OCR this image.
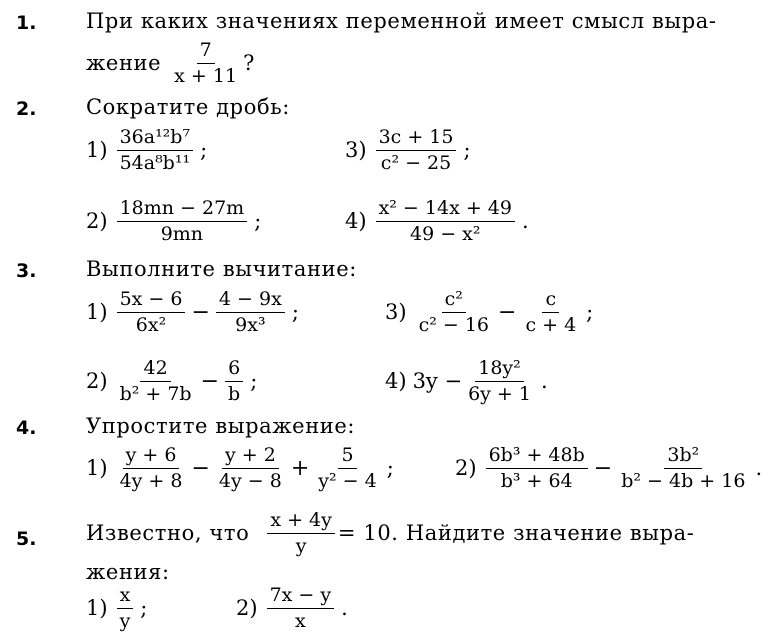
1. При каких значениях переменной имеет смысл выра-
жение $\frac{7}{x + 11}$ ?
2. Сократите дробь:
$1) \frac{\text{36a¹²b⁷}}{\text{54a⁸b¹¹}}$ ;	$3) \frac{3c + 15}{\text{c² − 25}}$ ;
$2) \frac{18mn - 27m}{9mn}$ ;	$4) \frac{\text{x² − 14x + 49}}{\text{49 − x²}}$ .
3. Выполните вычитание:
$1) \frac{5x - 6}{\text{6x²}} - \frac{4 - 9x}{\text{9x³}}$ ;	$3) \frac{\text{c²}}{\text{c² − 16}} - \frac{c}{c + 4}$ ;
$2) \frac{42}{\text{b² + 7b}} - \frac{6}{b}$ ;	4) $3y - \frac{\text{18y²}}{6y + 1}$ .
4. Упростите выражение:
$1) \frac{y + 6}{4y + 8} - \frac{y + 2}{4y - 8} + \frac{5}{\text{y² − 4}}$ ;	$2) \frac{\text{6b³ + 48b}}{\text{b³ + 64}} - \frac{\text{3b²}}{\text{b² − 4b + 16}}$ .
5. Известно, что $\frac{x + 4y}{y} = 10$. Найдите значение выра-
жения:
$1) \frac{x}{y}$ ;	$2) \frac{7x - y}{x}$ .
